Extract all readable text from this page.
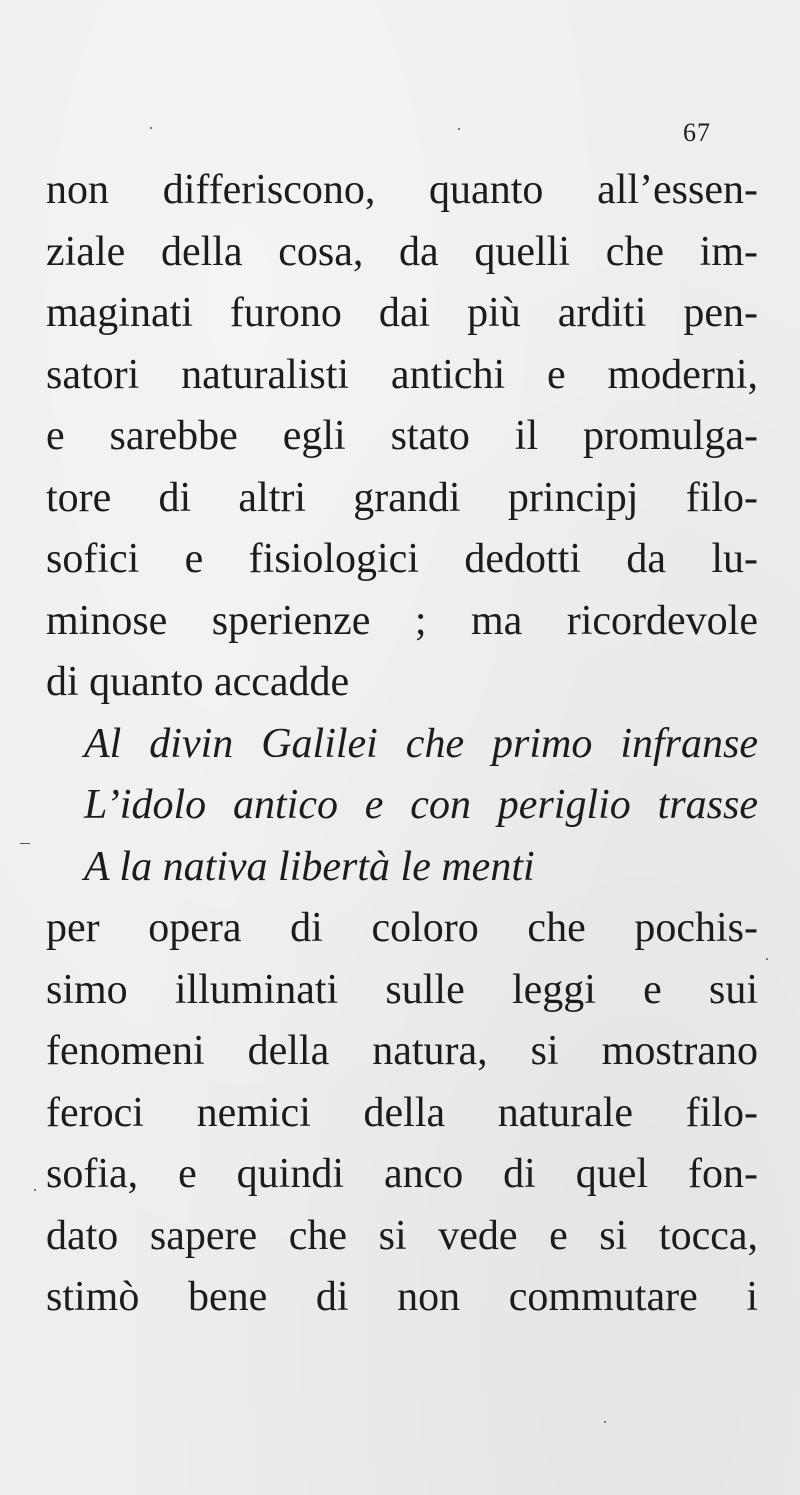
67
non differiscono, quanto all’essen-
ziale della cosa, da quelli che im-
maginati furono dai più arditi pen-
satori naturalisti antichi e moderni,
e sarebbe egli stato il promulga-
tore di altri grandi principj filo-
sofici e fisiologici dedotti da lu-
minose sperienze ; ma ricordevole
di quanto accadde
Al divin Galilei che primo infranse
L’idolo antico e con periglio trasse
A la nativa libertà le menti
per opera di coloro che pochis-
simo illuminati sulle leggi e sui
fenomeni della natura, si mostrano
feroci nemici della naturale filo-
sofia, e quindi anco di quel fon-
dato sapere che si vede e si tocca,
stimò bene di non commutare i
